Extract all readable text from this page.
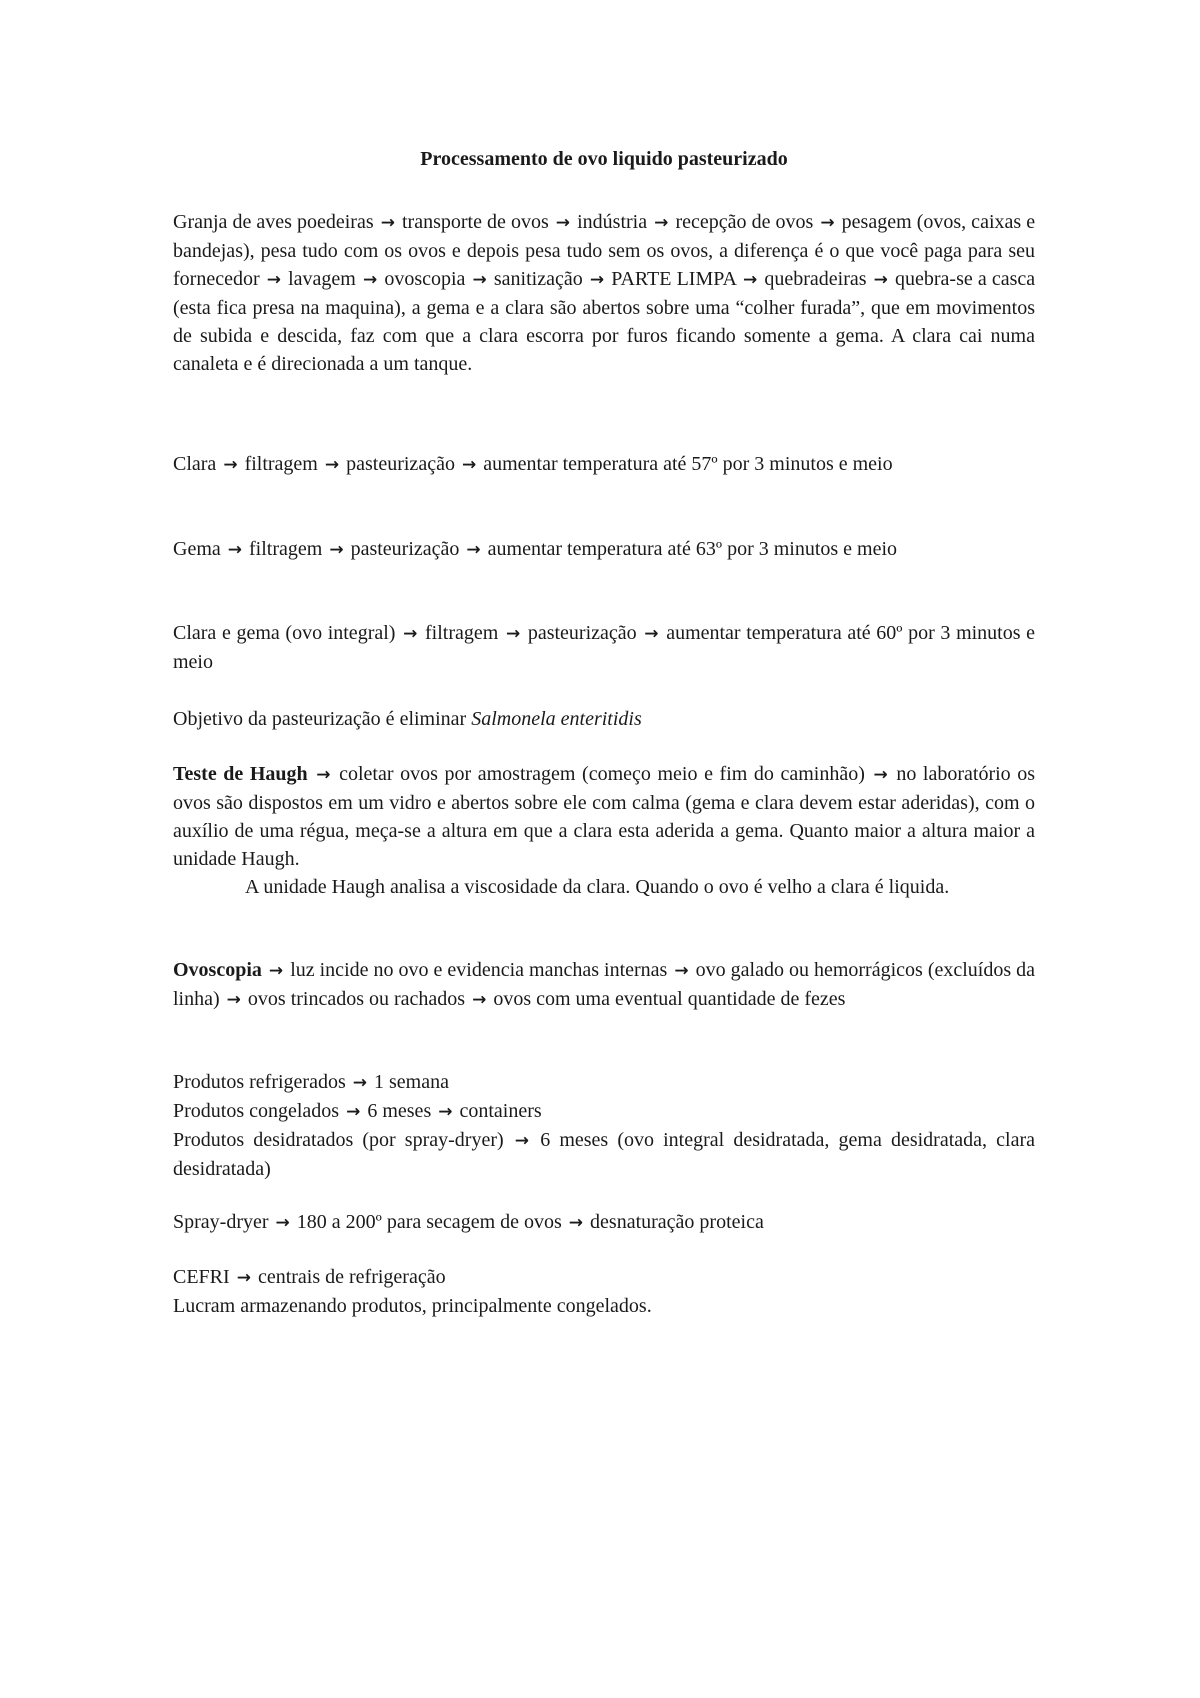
Processamento de ovo liquido pasteurizado

Granja de aves poedeiras → transporte de ovos → indústria → recepção de ovos → pesagem (ovos, caixas e bandejas), pesa tudo com os ovos e depois pesa tudo sem os ovos, a diferença é o que você paga para seu fornecedor → lavagem → ovoscopia → sanitização → PARTE LIMPA → quebradeiras → quebra-se a casca (esta fica presa na maquina), a gema e a clara são abertos sobre uma “colher furada”, que em movimentos de subida e descida, faz com que a clara escorra por furos ficando somente a gema. A clara cai numa canaleta e é direcionada a um tanque.

Clara → filtragem → pasteurização → aumentar temperatura até 57º por 3 minutos e meio

Gema → filtragem → pasteurização → aumentar temperatura até 63º por 3 minutos e meio

Clara e gema (ovo integral) → filtragem → pasteurização → aumentar temperatura até 60º por 3 minutos e meio

Objetivo da pasteurização é eliminar Salmonela enteritidis

Teste de Haugh → coletar ovos por amostragem (começo meio e fim do caminhão) → no laboratório os ovos são dispostos em um vidro e abertos sobre ele com calma (gema e clara devem estar aderidas), com o auxílio de uma régua, meça-se a altura em que a clara esta aderida a gema. Quanto maior a altura maior a unidade Haugh.
A unidade Haugh analisa a viscosidade da clara. Quando o ovo é velho a clara é liquida.

Ovoscopia → luz incide no ovo e evidencia manchas internas → ovo galado ou hemorrágicos (excluídos da linha) → ovos trincados ou rachados → ovos com uma eventual quantidade de fezes

Produtos refrigerados → 1 semana
Produtos congelados → 6 meses → containers
Produtos desidratados (por spray-dryer) → 6 meses (ovo integral desidratada, gema desidratada, clara desidratada)

Spray-dryer → 180 a 200º para secagem de ovos → desnaturação proteica

CEFRI → centrais de refrigeração
Lucram armazenando produtos, principalmente congelados.
